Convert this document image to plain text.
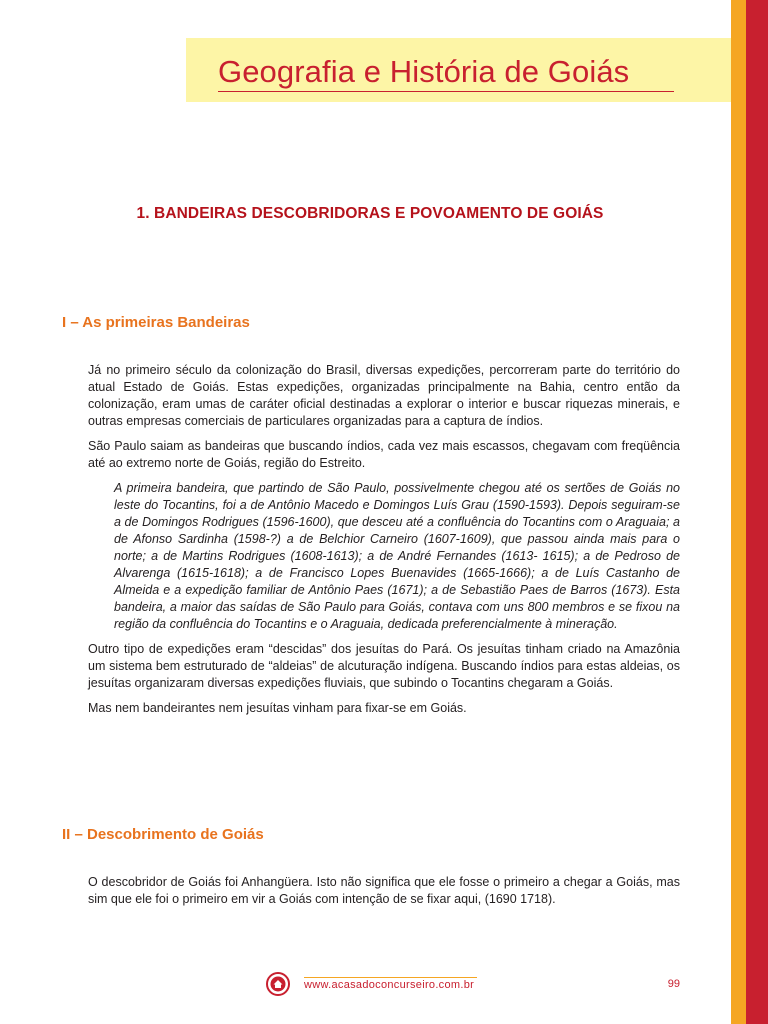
Geografia e História de Goiás
1. BANDEIRAS DESCOBRIDORAS E POVOAMENTO DE GOIÁS
I – As primeiras Bandeiras

Já no primeiro século da colonização do Brasil, diversas expedições, percorreram parte do território do atual Estado de Goiás. Estas expedições, organizadas principalmente na Bahia, centro então da colonização, eram umas de caráter oficial destinadas a explorar o interior e buscar riquezas minerais, e outras empresas comerciais de particulares organizadas para a captura de índios.

São Paulo saiam as bandeiras que buscando índios, cada vez mais escassos, chegavam com freqüência até ao extremo norte de Goiás, região do Estreito.

A primeira bandeira, que partindo de São Paulo, possivelmente chegou até os sertões de Goiás no leste do Tocantins, foi a de Antônio Macedo e Domingos Luís Grau (1590-1593). Depois seguiram-se a de Domingos Rodrigues (1596-1600), que desceu até a confluência do Tocantins com o Araguaia; a de Afonso Sardinha (1598-?) a de Belchior Carneiro (1607-1609), que passou ainda mais para o norte; a de Martins Rodrigues (1608-1613); a de André Fernandes (1613- 1615); a de Pedroso de Alvarenga (1615-1618); a de Francisco Lopes Buenavides (1665-1666); a de Luís Castanho de Almeida e a expedição familiar de Antônio Paes (1671); a de Sebastião Paes de Barros (1673). Esta bandeira, a maior das saídas de São Paulo para Goiás, contava com uns 800 membros e se fixou na região da confluência do Tocantins e o Araguaia, dedicada preferencialmente à mineração.

Outro tipo de expedições eram “descidas” dos jesuítas do Pará. Os jesuítas tinham criado na Amazônia um sistema bem estruturado de “aldeias” de alcuturação indígena. Buscando índios para estas aldeias, os jesuítas organizaram diversas expedições fluviais, que subindo o Tocantins chegaram a Goiás.

Mas nem bandeirantes nem jesuítas vinham para fixar-se em Goiás.

II – Descobrimento de Goiás

O descobridor de Goiás foi Anhangüera. Isto não significa que ele fosse o primeiro a chegar a Goiás, mas sim que ele foi o primeiro em vir a Goiás com intenção de se fixar aqui, (1690 1718).

www.acasadoconcurseiro.com.br	99
